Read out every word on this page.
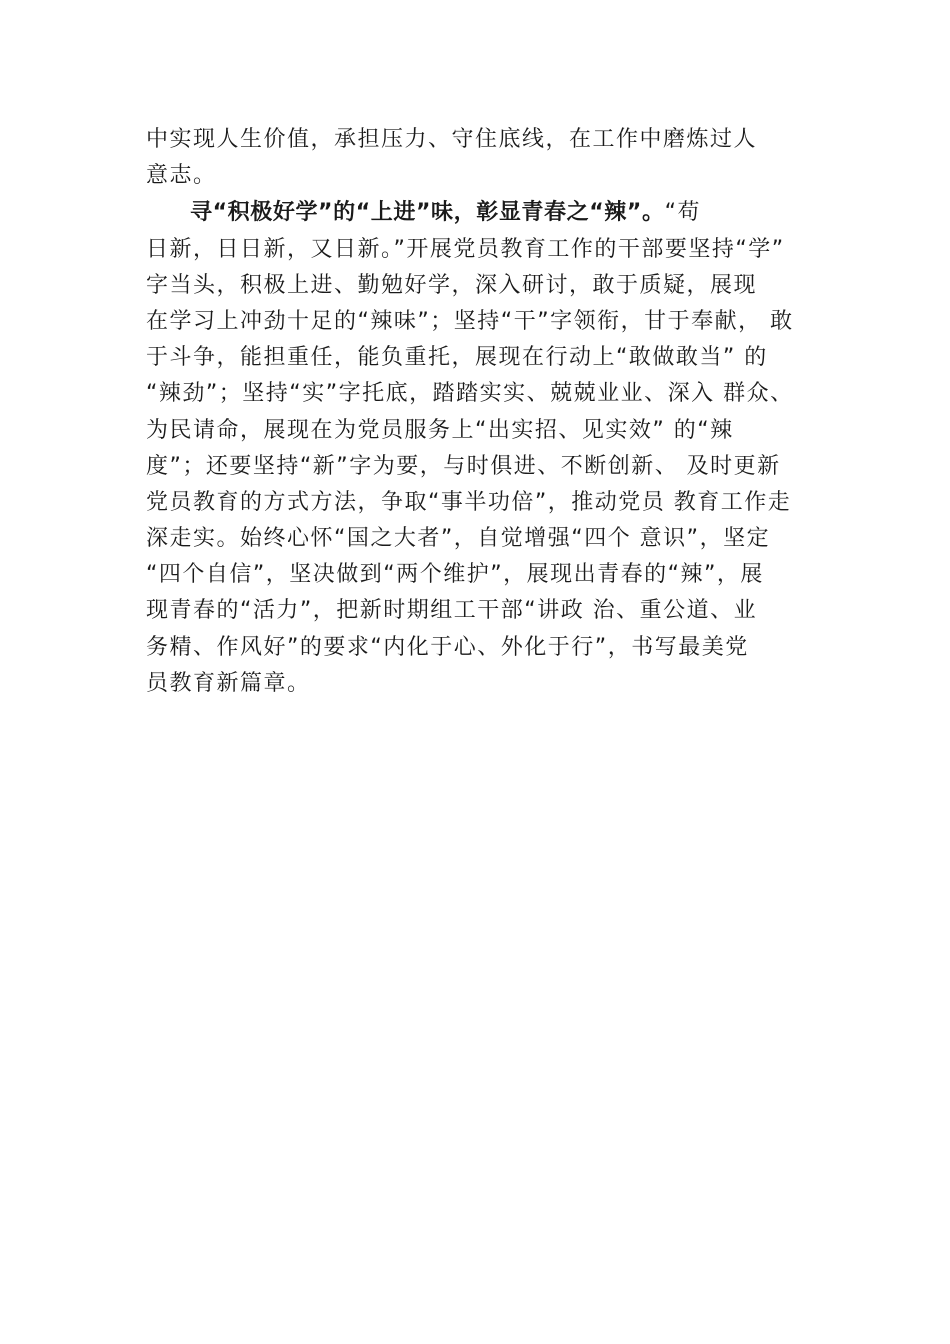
中实现人生价值，承担压力、守住底线，在工作中磨炼过人
意志。
寻“积极好学”的“上进”味，彰显青春之“辣”。“苟
日新，日日新，又日新。”开展党员教育工作的干部要坚持“学”
字当头，积极上进、勤勉好学，深入研讨，敢于质疑，展现
在学习上冲劲十足的“辣味”；坚持“干”字领衔，甘于奉献， 敢
于斗争，能担重任，能负重托，展现在行动上“敢做敢当” 的
“辣劲”；坚持“实”字托底，踏踏实实、兢兢业业、深入 群众、
为民请命，展现在为党员服务上“出实招、见实效” 的“辣
度”；还要坚持“新”字为要，与时俱进、不断创新、 及时更新
党员教育的方式方法，争取“事半功倍”，推动党员 教育工作走
深走实。始终心怀“国之大者”，自觉增强“四个 意识”，坚定
“四个自信”，坚决做到“两个维护”，展现出青春的“辣”，展
现青春的“活力”，把新时期组工干部“讲政 治、重公道、业
务精、作风好”的要求“内化于心、外化于行”，书写最美党
员教育新篇章。
